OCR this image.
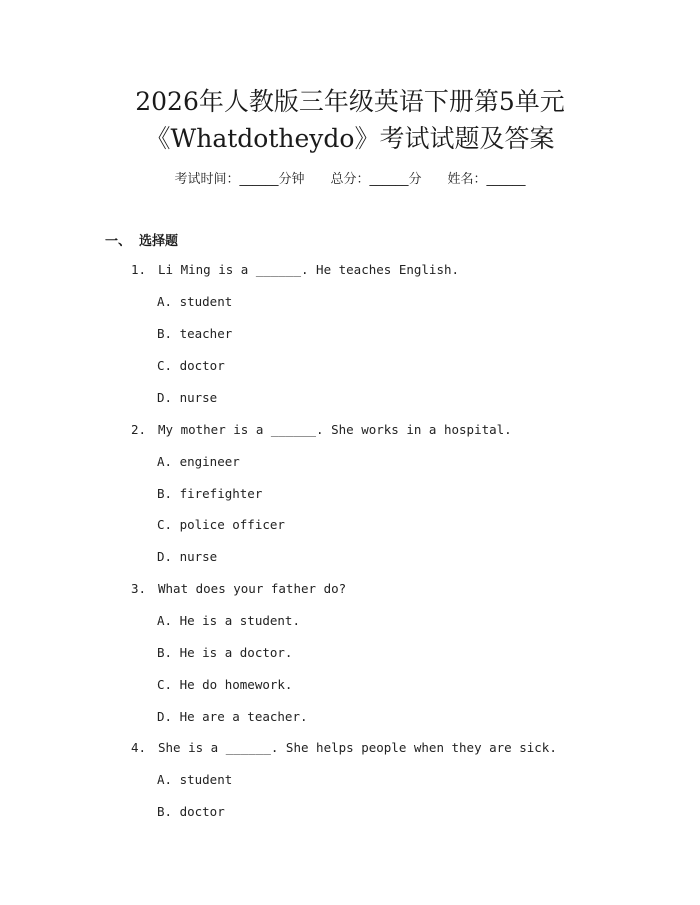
2026年人教版三年级英语下册第5单元
《Whatdotheydo》考试试题及答案
考试时间：______分钟 总分：______分 姓名：______
一、 选择题
1. Li Ming is a ______. He teaches English.
A. student
B. teacher
C. doctor
D. nurse
2. My mother is a ______. She works in a hospital.
A. engineer
B. firefighter
C. police officer
D. nurse
3. What does your father do?
A. He is a student.
B. He is a doctor.
C. He do homework.
D. He are a teacher.
4. She is a ______. She helps people when they are sick.
A. student
B. doctor
